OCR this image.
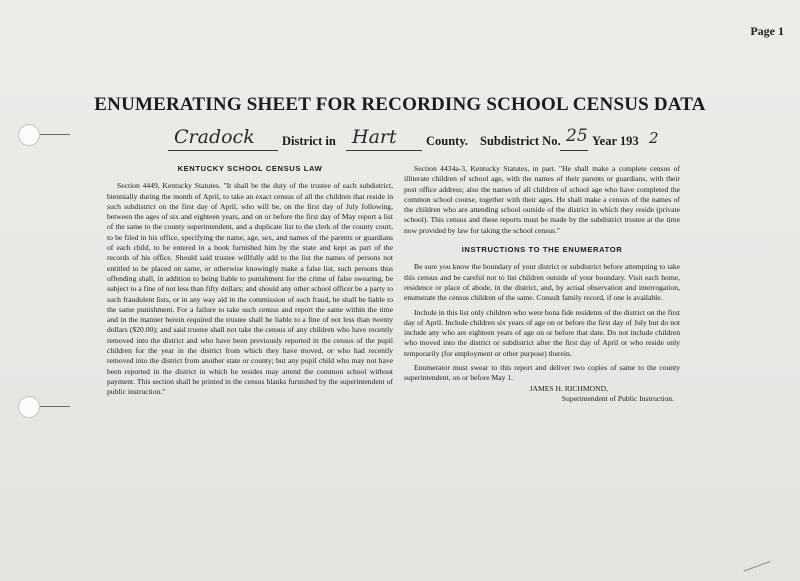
Page 1
ENUMERATING SHEET FOR RECORDING SCHOOL CENSUS DATA
Cradock District in Hart County. Subdistrict No. 25 Year 193 2

KENTUCKY SCHOOL CENSUS LAW

Section 4449, Kentucky Statutes. "It shall be the duty of the trustee of each subdistrict, biennially during the month of April, to take an exact census of all the children that reside in such subdistrict on the first day of April, who will be, on the first day of July following, between the ages of six and eighteen years, and on or before the first day of May report a list of the same to the county superintendent, and a duplicate list to the clerk of the county court, to be filed in his office, specifying the name, age, sex, and names of the parents or guardians of each child, to be entered in a book furnished him by the state and kept as part of the records of his office. Should said trustee willfully add to the list the names of persons not entitled to be placed on same, or otherwise knowingly make a false list, such persons thus offending shall, in addition to being liable to punishment for the crime of false swearing, be subject to a fine of not less than fifty dollars; and should any other school officer be a party to such fraudulent lists, or in any way aid in the commission of such fraud, he shall be liable to the same punishment. For a failure to take such census and report the same within the time and in the manner herein required the trustee shall be liable to a fine of not less than twenty dollars ($20.00); and said trustee shall not take the census of any children who have recently removed into the district and who have been previously reported in the census of the pupil children for the year in the district from which they have moved, or who had recently removed into the district from another state or county; but any pupil child who may not have been reported in the district in which he resides may attend the common school without payment. This section shall be printed in the census blanks furnished by the superintendent of public instruction."

Section 4434a-3, Kentucky Statutes, in part. "He shall make a complete census of illiterate children of school age, with the names of their parents or guardians, with their post office address; also the names of all children of school age who have completed the common school course, together with their ages. He shall make a census of the names of the children who are attending school outside of the district in which they reside (private school). This census and these reports must be made by the subdistrict trustee at the time now provided by law for taking the school census."

INSTRUCTIONS TO THE ENUMERATOR

Be sure you know the boundary of your district or subdistrict before attempting to take this census and be careful not to list children outside of your boundary. Visit each home, residence or place of abode, in the district, and, by actual observation and interrogation, enumerate the census children of the same. Consult family record, if one is available.

Include in this list only children who were bona fide residents of the district on the first day of April. Include children six years of age on or before the first day of July but do not include any who are eighteen years of age on or before that date. Do not include children who moved into the district or subdistrict after the first day of April or who reside only temporarily (for employment or other purpose) therein.

Enumerator must swear to this report and deliver two copies of same to the county superintendent, on or before May 1.

JAMES H. RICHMOND,

Superintendent of Public Instruction.
